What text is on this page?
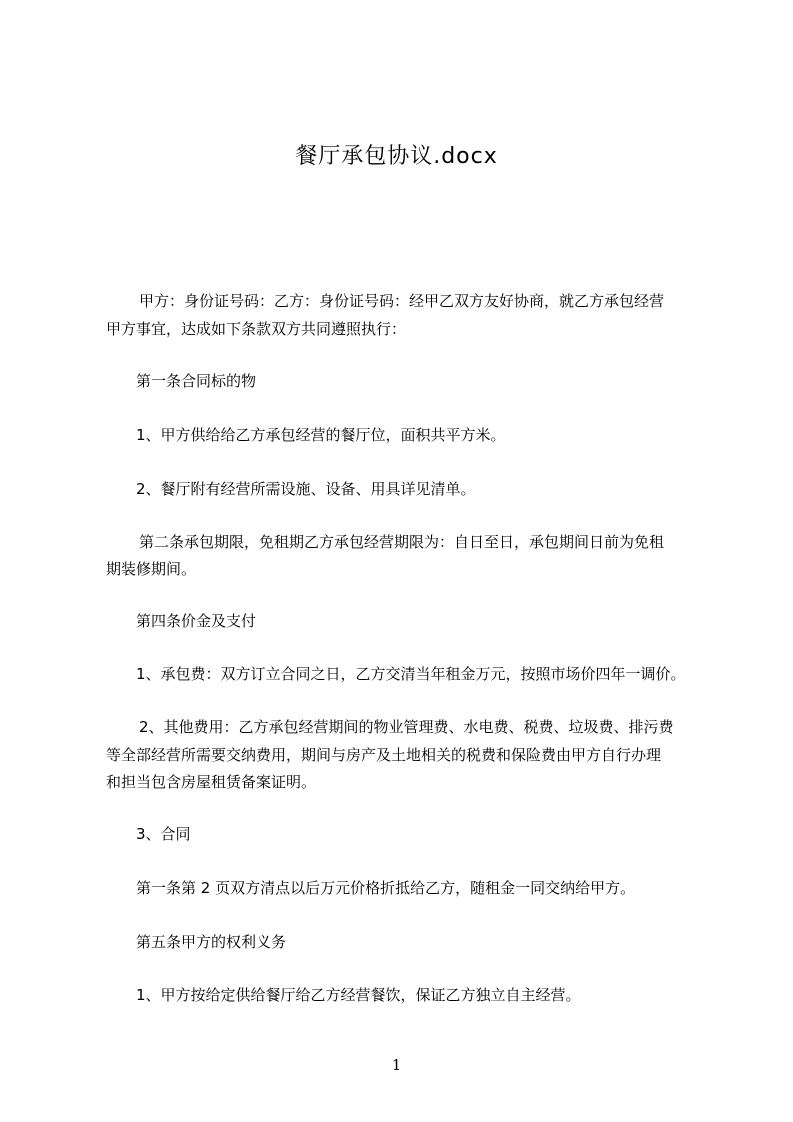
餐厅承包协议.docx
甲方：身份证号码：乙方：身份证号码：经甲乙双方友好协商，就乙方承包经营
甲方事宜，达成如下条款双方共同遵照执行：
第一条合同标的物
1、甲方供给给乙方承包经营的餐厅位，面积共平方米。
2、餐厅附有经营所需设施、设备、用具详见清单。
第二条承包期限，免租期乙方承包经营期限为：自日至日，承包期间日前为免租
期装修期间。
第四条价金及支付
1、承包费：双方订立合同之日，乙方交清当年租金万元，按照市场价四年一调价。
2、其他费用：乙方承包经营期间的物业管理费、水电费、税费、垃圾费、排污费
等全部经营所需要交纳费用，期间与房产及土地相关的税费和保险费由甲方自行办理
和担当包含房屋租赁备案证明。
3、合同
第一条第 2 页双方清点以后万元价格折抵给乙方，随租金一同交纳给甲方。
第五条甲方的权利义务
1、甲方按给定供给餐厅给乙方经营餐饮，保证乙方独立自主经营。
1
